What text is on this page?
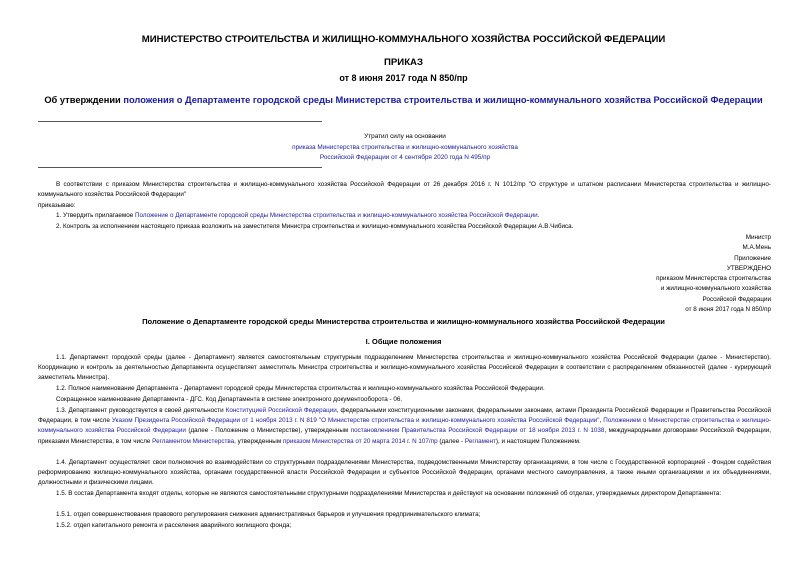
МИНИСТЕРСТВО СТРОИТЕЛЬСТВА И ЖИЛИЩНО-КОММУНАЛЬНОГО ХОЗЯЙСТВА РОССИЙСКОЙ ФЕДЕРАЦИИ
ПРИКАЗ
от 8 июня 2017 года N 850/пр
Об утверждении положения о Департаменте городской среды Министерства строительства и жилищно-коммунального хозяйства Российской Федерации
Утратил силу на основании
приказа Министерства строительства и жилищно-коммунального хозяйства
Российской Федерации от 4 сентября 2020 года N 495/пр
В соответствии с приказом Министерства строительства и жилищно-коммунального хозяйства Российской Федерации от 26 декабря 2016 г. N 1012/пр "О структуре и штатном расписании Министерства строительства и жилищно-коммунального хозяйства Российской Федерации"
приказываю:
1. Утвердить прилагаемое Положение о Департаменте городской среды Министерства строительства и жилищно-коммунального хозяйства Российской Федерации.
2. Контроль за исполнением настоящего приказа возложить на заместителя Министра строительства и жилищно-коммунального хозяйства Российской Федерации А.В.Чибиса.
Министр
М.А.Мень
Приложение
УТВЕРЖДЕНО
приказом Министерства строительства
и жилищно-коммунального хозяйства
Российской Федерации
от 8 июня 2017 года N 850/пр
Положение о Департаменте городской среды Министерства строительства и жилищно-коммунального хозяйства Российской Федерации
I. Общие положения
1.1. Департамент городской среды (далее - Департамент) является самостоятельным структурным подразделением Министерства строительства и жилищно-коммунального хозяйства Российской Федерации (далее - Министерство). Координацию и контроль за деятельностью Департамента осуществляет заместитель Министра строительства и жилищно-коммунального хозяйства Российской Федерации в соответствии с распределением обязанностей (далее - курирующий заместитель Министра).
1.2. Полное наименование Департамента - Департамент городской среды Министерства строительства и жилищно-коммунального хозяйства Российской Федерации.
Сокращенное наименование Департамента - ДГС. Код Департамента в системе электронного документооборота - 06.
1.3. Департамент руководствуется в своей деятельности Конституцией Российской Федерации, федеральными конституционными законами, федеральными законами, актами Президента Российской Федерации и Правительства Российской Федерации, в том числе Указом Президента Российской Федерации от 1 ноября 2013 г. N 819 "О Министерстве строительства и жилищно-коммунального хозяйства Российской Федерации", Положением о Министерстве строительства и жилищно-коммунального хозяйства Российской Федерации (далее - Положение о Министерстве), утвержденным постановлением Правительства Российской Федерации от 18 ноября 2013 г. N 1038, международными договорами Российской Федерации, приказами Министерства, в том числе Регламентом Министерства, утвержденным приказом Министерства от 20 марта 2014 г. N 107/пр (далее - Регламент), и настоящим Положением.
1.4. Департамент осуществляет свои полномочия во взаимодействии со структурными подразделениями Министерства, подведомственными Министерству организациями, в том числе с Государственной корпорацией - Фондом содействия реформированию жилищно-коммунального хозяйства, органами государственной власти Российской Федерации и субъектов Российской Федерации, органами местного самоуправления, а также иными организациями и их объединениями, должностными и физическими лицами.
1.5. В состав Департамента входят отделы, которые не являются самостоятельными структурными подразделениями Министерства и действуют на основании положений об отделах, утверждаемых директором Департамента:
1.5.1. отдел совершенствования правового регулирования снижения административных барьеров и улучшения предпринимательского климата;
1.5.2. отдел капитального ремонта и расселения аварийного жилищного фонда;
